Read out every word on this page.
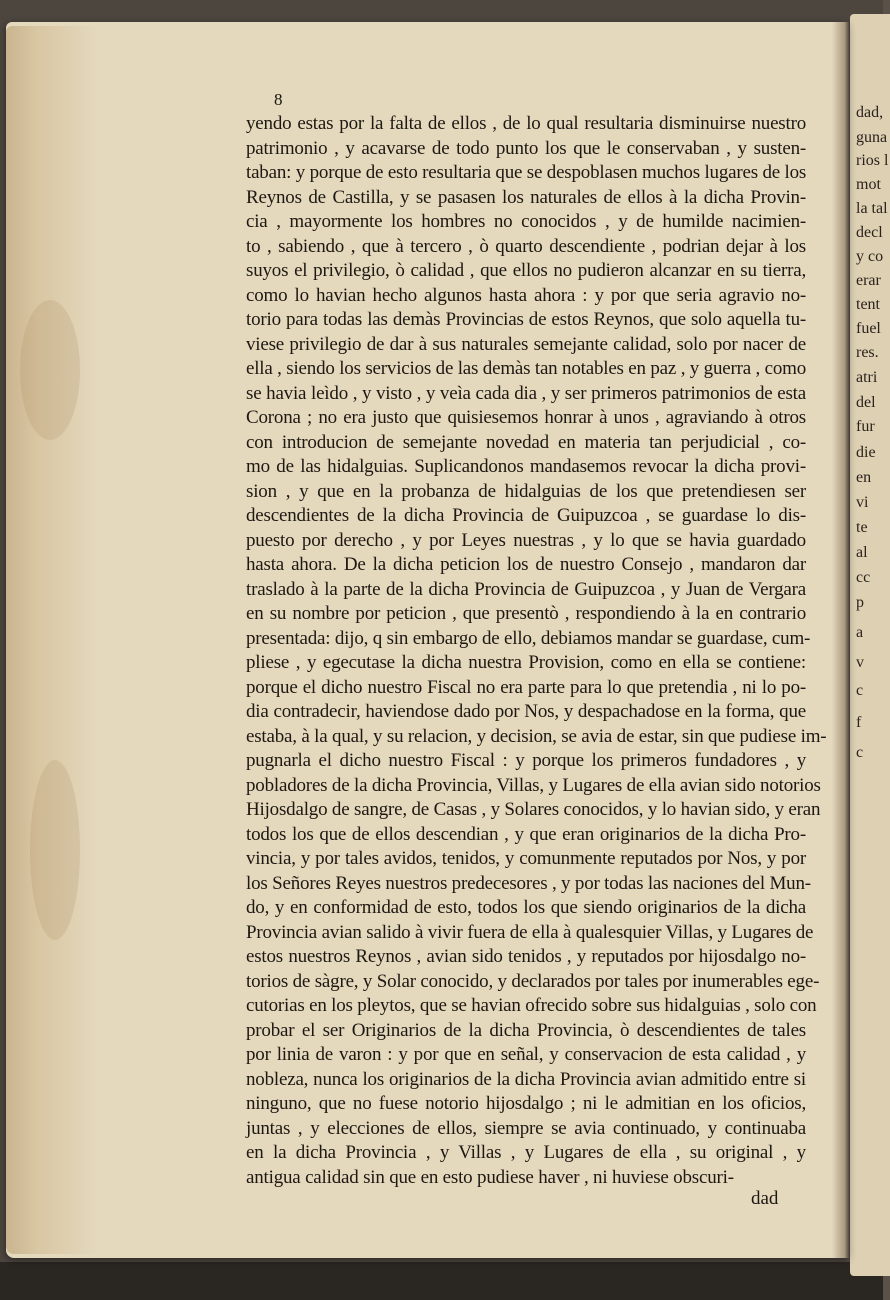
dad,
guna
rios l
mot
la tal
decl
y co
erar
tent
fuel
res.
atri
del
fur
die
en
vi
te
al
cc
p
a
v
c
f
c
8
yendo estas por la falta de ellos , de lo qual resultaria disminuirse nuestro
patrimonio , y acavarse de todo punto los que le conservaban , y susten-
taban: y porque de esto resultaria que se despoblasen muchos lugares de los
Reynos de Castilla, y se pasasen los naturales de ellos à la dicha Provin-
cia , mayormente los hombres no conocidos , y de humilde nacimien-
to , sabiendo , que à tercero , ò quarto descendiente , podrian dejar à los
suyos el privilegio, ò calidad , que ellos no pudieron alcanzar en su tierra,
como lo havian hecho algunos hasta ahora : y por que seria agravio no-
torio para todas las demàs Provincias de estos Reynos, que solo aquella tu-
viese privilegio de dar à sus naturales semejante calidad, solo por nacer de
ella , siendo los servicios de las demàs tan notables en paz , y guerra , como
se havia leìdo , y visto , y veìa cada dia , y ser primeros patrimonios de esta
Corona ; no era justo que quisiesemos honrar à unos , agraviando à otros
con introducion de semejante novedad en materia tan perjudicial , co-
mo de las hidalguias. Suplicandonos mandasemos revocar la dicha provi-
sion , y que en la probanza de hidalguias de los que pretendiesen ser
descendientes de la dicha Provincia de Guipuzcoa , se guardase lo dis-
puesto por derecho , y por Leyes nuestras , y lo que se havia guardado
hasta ahora. De la dicha peticion los de nuestro Consejo , mandaron dar
traslado à la parte de la dicha Provincia de Guipuzcoa , y Juan de Vergara
en su nombre por peticion , que presentò , respondiendo à la en contrario
presentada: dijo, q sin embargo de ello, debiamos mandar se guardase, cum-
pliese , y egecutase la dicha nuestra Provision, como en ella se contiene:
porque el dicho nuestro Fiscal no era parte para lo que pretendia , ni lo po-
dia contradecir, haviendose dado por Nos, y despachadose en la forma, que
estaba, à la qual, y su relacion, y decision, se avia de estar, sin que pudiese im-
pugnarla el dicho nuestro Fiscal : y porque los primeros fundadores , y
pobladores de la dicha Provincia, Villas, y Lugares de ella avian sido notorios
Hijosdalgo de sangre, de Casas , y Solares conocidos, y lo havian sido, y eran
todos los que de ellos descendian , y que eran originarios de la dicha Pro-
vincia, y por tales avidos, tenidos, y comunmente reputados por Nos, y por
los Señores Reyes nuestros predecesores , y por todas las naciones del Mun-
do, y en conformidad de esto, todos los que siendo originarios de la dicha
Provincia avian salido à vivir fuera de ella à qualesquier Villas, y Lugares de
estos nuestros Reynos , avian sido tenidos , y reputados por hijosdalgo no-
torios de sàgre, y Solar conocido, y declarados por tales por inumerables ege-
cutorias en los pleytos, que se havian ofrecido sobre sus hidalguias , solo con
probar el ser Originarios de la dicha Provincia, ò descendientes de tales
por linia de varon : y por que en señal, y conservacion de esta calidad , y
nobleza, nunca los originarios de la dicha Provincia avian admitido entre si
ninguno, que no fuese notorio hijosdalgo ; ni le admitian en los oficios,
juntas , y elecciones de ellos, siempre se avia continuado, y continuaba
en la dicha Provincia , y Villas , y Lugares de ella , su original , y
antigua calidad sin que en esto pudiese haver , ni huviese obscuri-
dad
